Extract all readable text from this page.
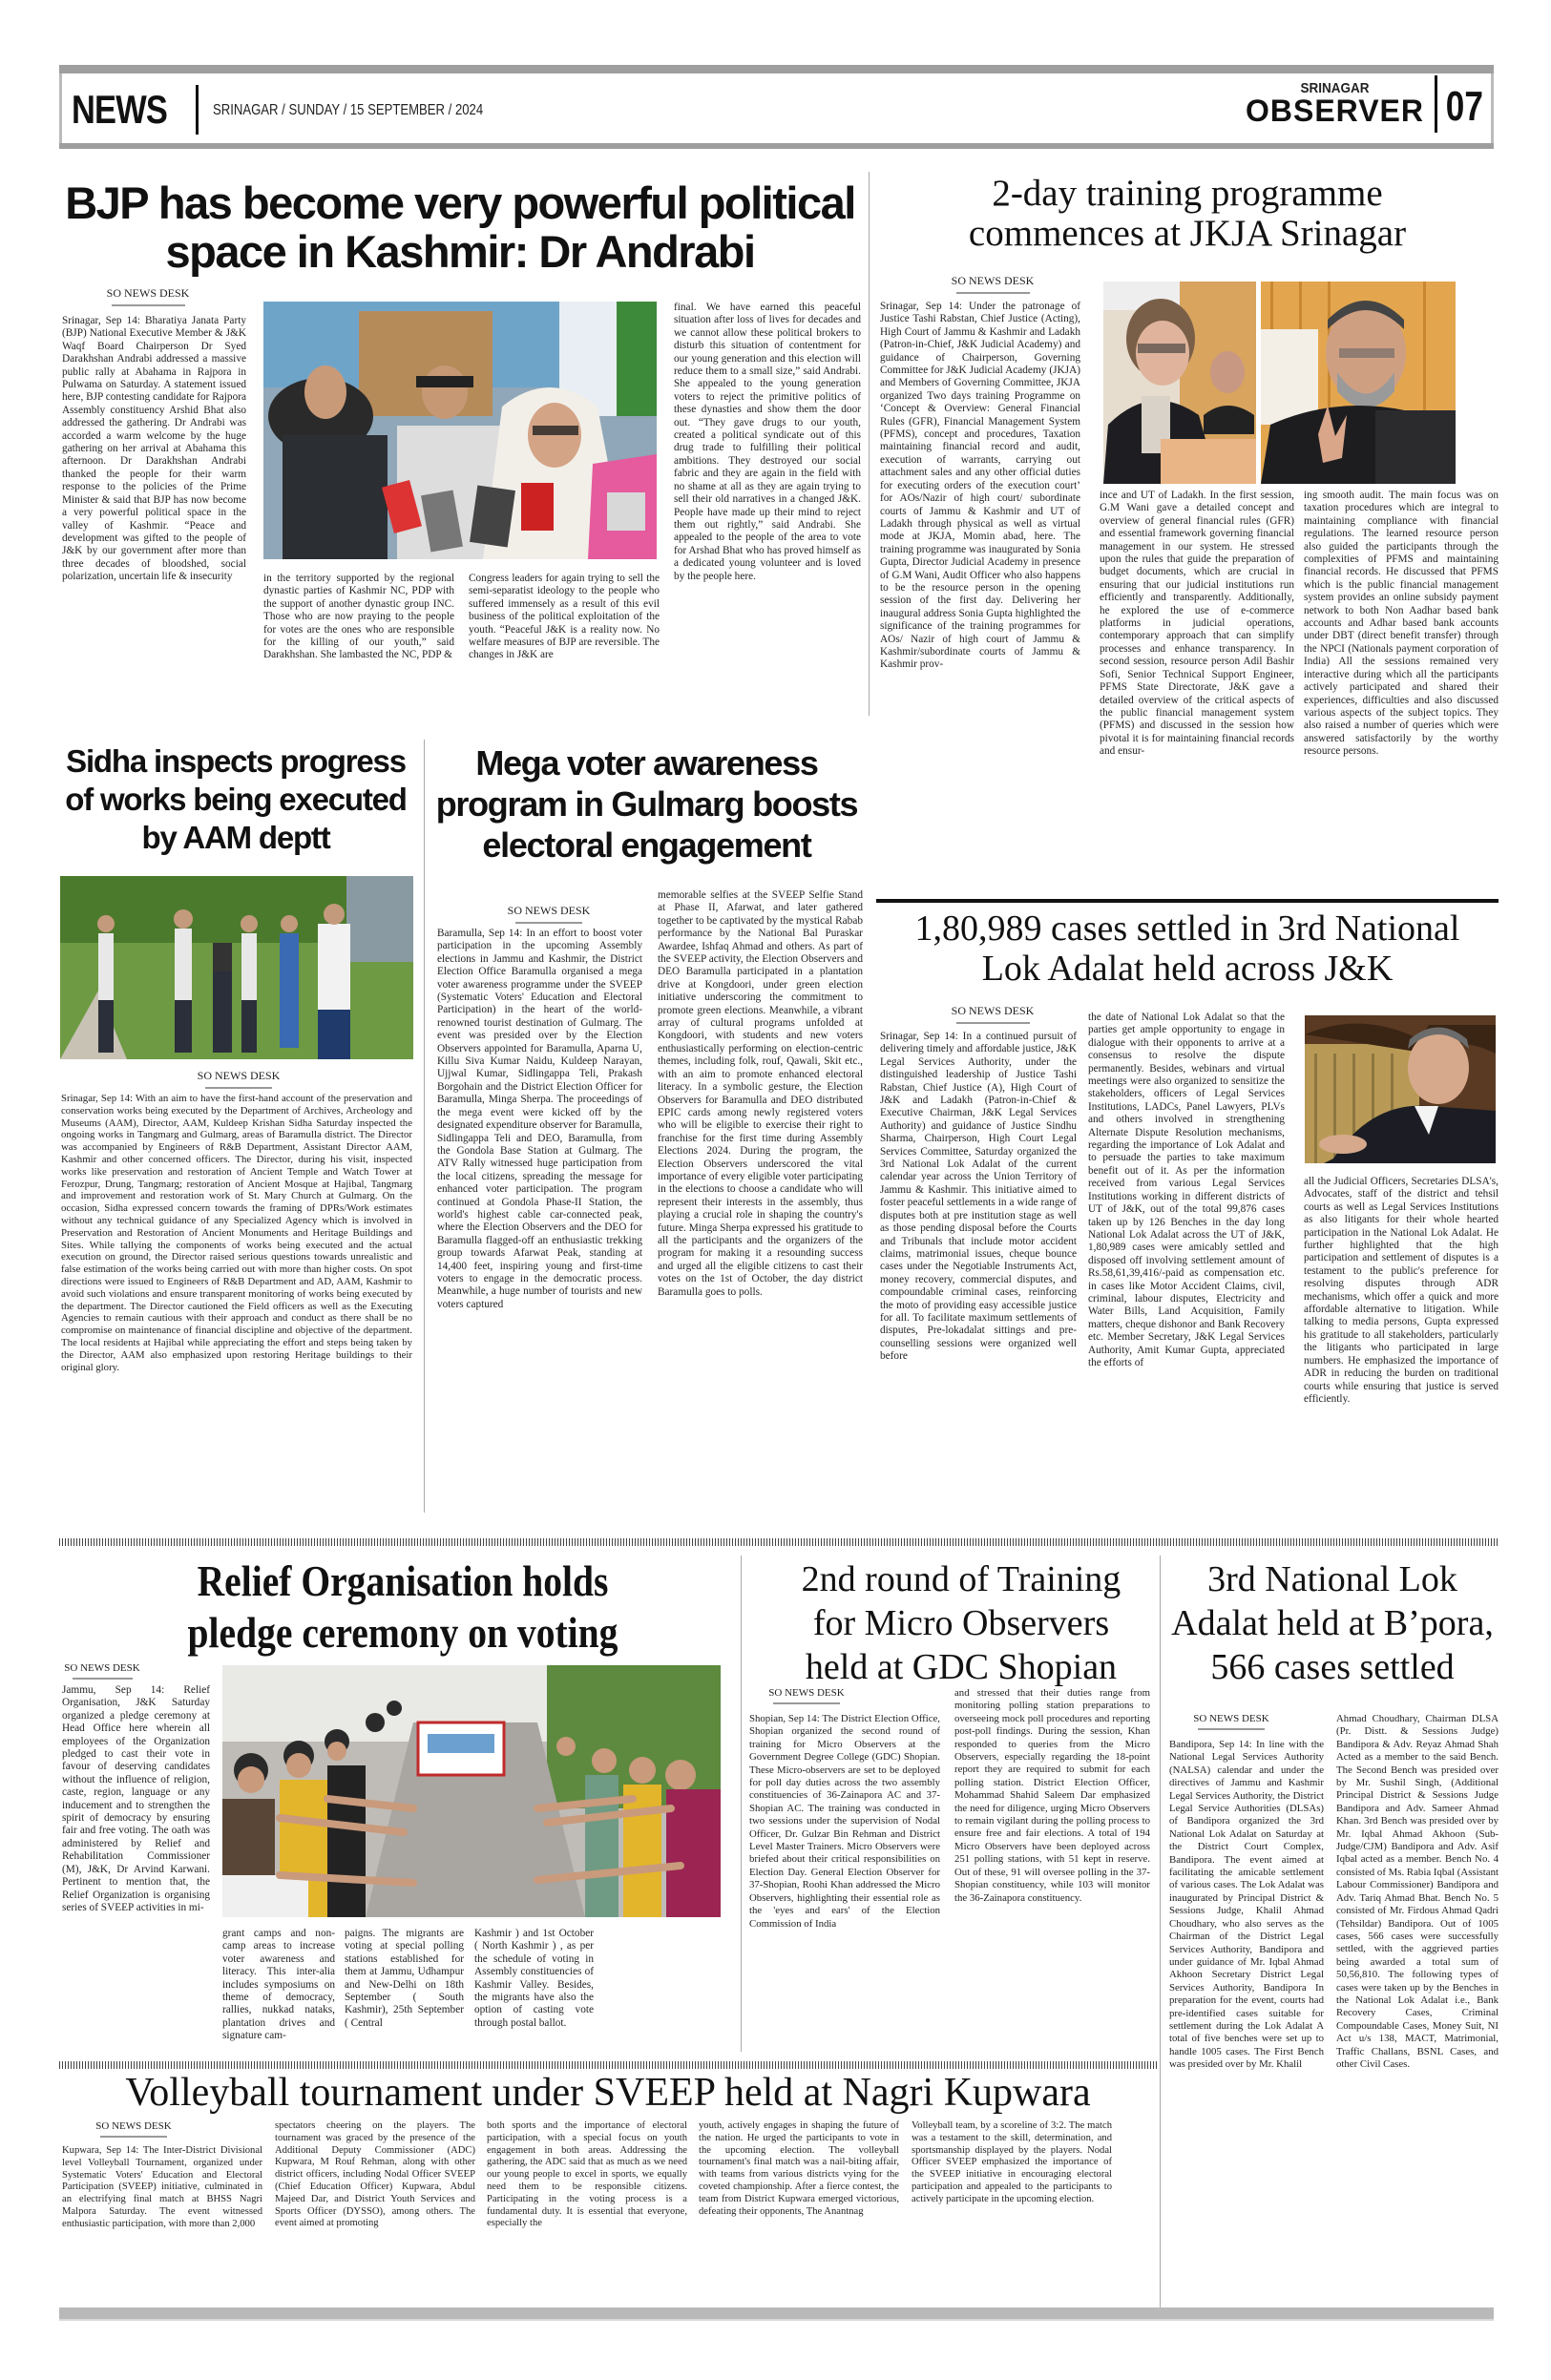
NEWS	SRINAGAR / SUNDAY / 15 SEPTEMBER / 2024
SRINAGAR
OBSERVER 07
BJP has become very powerful political
space in Kashmir: Dr Andrabi
SO NEWS DESK
Srinagar, Sep 14: Bharatiya Janata Party (BJP) National Executive Member & J&K Waqf Board Chairperson Dr Syed Darakhshan Andrabi addressed a massive public rally at Abahama in Rajpora in Pulwama on Saturday. A statement issued here, BJP contesting candidate for Rajpora Assembly constituency Arshid Bhat also addressed the gathering. Dr Andrabi was accorded a warm welcome by the huge gathering on her arrival at Abahama this afternoon. Dr Darakhshan Andrabi thanked the people for their warm response to the policies of the Prime Minister & said that BJP has now become a very powerful political space in the valley of Kashmir. “Peace and development was gifted to the people of J&K by our government after more than three decades of bloodshed, social polarization, uncertain life & insecurity	in the territory supported by the regional dynastic parties of Kashmir NC, PDP with the support of another dynastic group INC. Those who are now praying to the people for votes are the ones who are responsible for the killing of our youth,” said Darakhshan. She lambasted the NC, PDP &
Congress leaders for again trying to sell the semi-separatist ideology to the people who suffered immensely as a result of this evil business of the political exploitation of the youth. “Peaceful J&K is a reality now. No welfare measures of BJP are reversible. The changes in J&K are
final. We have earned this peaceful situation after loss of lives for decades and we cannot allow these political brokers to disturb this situation of contentment for our young generation and this election will reduce them to a small size,” said Andrabi. She appealed to the young generation voters to reject the primitive politics of these dynasties and show them the door out. “They gave drugs to our youth, created a political syndicate out of this drug trade to fulfilling their political ambitions. They destroyed our social fabric and they are again in the field with no shame at all as they are again trying to sell their old narratives in a changed J&K. People have made up their mind to reject them out rightly,” said Andrabi. She appealed to the people of the area to vote for Arshad Bhat who has proved himself as a dedicated young volunteer and is loved by the people here.
2-day training programme
commences at JKJA Srinagar
SO NEWS DESK
Srinagar, Sep 14: Under the patronage of Justice Tashi Rabstan, Chief Justice (Acting), High Court of Jammu & Kashmir and Ladakh (Patron-in-Chief, J&K Judicial Academy) and guidance of Chairperson, Governing Committee for J&K Judicial Academy (JKJA) and Members of Governing Committee, JKJA organized Two days training Programme on ‘Concept & Overview: General Financial Rules (GFR), Financial Management System (PFMS), concept and procedures, Taxation maintaining financial record and audit, execution of warrants, carrying out attachment sales and any other official duties for executing orders of the execution court’ for AOs/Nazir of high court/ subordinate courts of Jammu & Kashmir and UT of Ladakh through physical as well as virtual mode at JKJA, Momin abad, here. The training programme was inaugurated by Sonia Gupta, Director Judicial Academy in presence of G.M Wani, Audit Officer who also happens to be the resource person in the opening session of the first day. Delivering her inaugural address Sonia Gupta highlighted the significance of the training programmes for AOs/ Nazir of high court of Jammu & Kashmir/subordinate courts of Jammu & Kashmir prov-
ince and UT of Ladakh. In the first session, G.M Wani gave a detailed concept and overview of general financial rules (GFR) and essential framework governing financial management in our system. He stressed upon the rules that guide the preparation of budget documents, which are crucial in ensuring that our judicial institutions run efficiently and transparently. Additionally, he explored the use of e-commerce platforms in judicial operations, contemporary approach that can simplify processes and enhance transparency. In second session, resource person Adil Bashir Sofi, Senior Technical Support Engineer, PFMS State Directorate, J&K gave a detailed overview of the critical aspects of the public financial management system (PFMS) and discussed in the session how pivotal it is for maintaining financial records and ensur-
ing smooth audit. The main focus was on taxation procedures which are integral to maintaining compliance with financial regulations. The learned resource person also guided the participants through the complexities of PFMS and maintaining financial records. He discussed that PFMS which is the public financial management system provides an online subsidy payment network to both Non Aadhar based bank accounts and Adhar based bank accounts under DBT (direct benefit transfer) through the NPCI (Nationals payment corporation of India) All the sessions remained very interactive during which all the participants actively participated and shared their experiences, difficulties and also discussed various aspects of the subject topics. They also raised a number of queries which were answered satisfactorily by the worthy resource persons.
Sidha inspects progress
of works being executed
by AAM deptt
SO NEWS DESK
Srinagar, Sep 14: With an aim to have the first-hand account of the preservation and conservation works being executed by the Department of Archives, Archeology and Museums (AAM), Director, AAM, Kuldeep Krishan Sidha Saturday inspected the ongoing works in Tangmarg and Gulmarg, areas of Baramulla district. The Director was accompanied by Engineers of R&B Department, Assistant Director AAM, Kashmir and other concerned officers. The Director, during his visit, inspected works like preservation and restoration of Ancient Temple and Watch Tower at Ferozpur, Drung, Tangmarg; restoration of Ancient Mosque at Hajibal, Tangmarg and improvement and restoration work of St. Mary Church at Gulmarg. On the occasion, Sidha expressed concern towards the framing of DPRs/Work estimates without any technical guidance of any Specialized Agency which is involved in Preservation and Restoration of Ancient Monuments and Heritage Buildings and Sites. While tallying the components of works being executed and the actual execution on ground, the Director raised serious questions towards unrealistic and false estimation of the works being carried out with more than higher costs. On spot directions were issued to Engineers of R&B Department and AD, AAM, Kashmir to avoid such violations and ensure transparent monitoring of works being executed by the department. The Director cautioned the Field officers as well as the Executing Agencies to remain cautious with their approach and conduct as there shall be no compromise on maintenance of financial discipline and objective of the department. The local residents at Hajibal while appreciating the effort and steps being taken by the Director, AAM also emphasized upon restoring Heritage buildings to their original glory.
Mega voter awareness
program in Gulmarg boosts
electoral engagement
SO NEWS DESK
Baramulla, Sep 14: In an effort to boost voter participation in the upcoming Assembly elections in Jammu and Kashmir, the District Election Office Baramulla organised a mega voter awareness programme under the SVEEP (Systematic Voters' Education and Electoral Participation) in the heart of the world-renowned tourist destination of Gulmarg. The event was presided over by the Election Observers appointed for Baramulla, Aparna U, Killu Siva Kumar Naidu, Kuldeep Narayan, Ujjwal Kumar, Sidlingappa Teli, Prakash Borgohain and the District Election Officer for Baramulla, Minga Sherpa. The proceedings of the mega event were kicked off by the designated expenditure observer for Baramulla, Sidlingappa Teli and DEO, Baramulla, from the Gondola Base Station at Gulmarg. The ATV Rally witnessed huge participation from the local citizens, spreading the message for enhanced voter participation. The program continued at Gondola Phase-II Station, the world's highest cable car-connected peak, where the Election Observers and the DEO for Baramulla flagged-off an enthusiastic trekking group towards Afarwat Peak, standing at 14,400 feet, inspiring young and first-time voters to engage in the democratic process. Meanwhile, a huge number of tourists and new voters captured
memorable selfies at the SVEEP Selfie Stand at Phase II, Afarwat, and later gathered together to be captivated by the mystical Rabab performance by the National Bal Puraskar Awardee, Ishfaq Ahmad and others. As part of the SVEEP activity, the Election Observers and DEO Baramulla participated in a plantation drive at Kongdoori, under green election initiative underscoring the commitment to promote green elections. Meanwhile, a vibrant array of cultural programs unfolded at Kongdoori, with students and new voters enthusiastically performing on election-centric themes, including folk, rouf, Qawali, Skit etc., with an aim to promote enhanced electoral literacy. In a symbolic gesture, the Election Observers for Baramulla and DEO distributed EPIC cards among newly registered voters who will be eligible to exercise their right to franchise for the first time during Assembly Elections 2024. During the program, the Election Observers underscored the vital importance of every eligible voter participating in the elections to choose a candidate who will represent their interests in the assembly, thus playing a crucial role in shaping the country's future. Minga Sherpa expressed his gratitude to all the participants and the organizers of the program for making it a resounding success and urged all the eligible citizens to cast their votes on the 1st of October, the day district Baramulla goes to polls.
1,80,989 cases settled in 3rd National
Lok Adalat held across J&K
SO NEWS DESK
Srinagar, Sep 14: In a continued pursuit of delivering timely and affordable justice, J&K Legal Services Authority, under the distinguished leadership of Justice Tashi Rabstan, Chief Justice (A), High Court of J&K and Ladakh (Patron-in-Chief & Executive Chairman, J&K Legal Services Authority) and guidance of Justice Sindhu Sharma, Chairperson, High Court Legal Services Committee, Saturday organized the 3rd National Lok Adalat of the current calendar year across the Union Territory of Jammu & Kashmir. This initiative aimed to foster peaceful settlements in a wide range of disputes both at pre institution stage as well as those pending disposal before the Courts and Tribunals that include motor accident claims, matrimonial issues, cheque bounce cases under the Negotiable Instruments Act, money recovery, commercial disputes, and compoundable criminal cases, reinforcing the moto of providing easy accessible justice for all. To facilitate maximum settlements of disputes, Pre-lokadalat sittings and pre-counselling sessions were organized well before
the date of National Lok Adalat so that the parties get ample opportunity to engage in dialogue with their opponents to arrive at a consensus to resolve the dispute permanently. Besides, webinars and virtual meetings were also organized to sensitize the stakeholders, officers of Legal Services Institutions, LADCs, Panel Lawyers, PLVs and others involved in strengthening Alternate Dispute Resolution mechanisms, regarding the importance of Lok Adalat and to persuade the parties to take maximum benefit out of it. As per the information received from various Legal Services Institutions working in different districts of UT of J&K, out of the total 99,876 cases taken up by 126 Benches in the day long National Lok Adalat across the UT of J&K, 1,80,989 cases were amicably settled and disposed off involving settlement amount of Rs.58,61,39,416/-paid as compensation etc. in cases like Motor Accident Claims, civil, criminal, labour disputes, Electricity and Water Bills, Land Acquisition, Family matters, cheque dishonor and Bank Recovery etc. Member Secretary, J&K Legal Services Authority, Amit Kumar Gupta, appreciated the efforts of
all the Judicial Officers, Secretaries DLSA's, Advocates, staff of the district and tehsil courts as well as Legal Services Institutions as also litigants for their whole hearted participation in the National Lok Adalat. He further highlighted that the high participation and settlement of disputes is a testament to the public's preference for resolving disputes through ADR mechanisms, which offer a quick and more affordable alternative to litigation. While talking to media persons, Gupta expressed his gratitude to all stakeholders, particularly the litigants who participated in large numbers. He emphasized the importance of ADR in reducing the burden on traditional courts while ensuring that justice is served efficiently.
Relief Organisation holds
pledge ceremony on voting
SO NEWS DESK
Jammu, Sep 14: Relief Organisation, J&K Saturday organized a pledge ceremony at Head Office here wherein all employees of the Organization pledged to cast their vote in favour of deserving candidates without the influence of religion, caste, region, language or any inducement and to strengthen the spirit of democracy by ensuring fair and free voting. The oath was administered by Relief and Rehabilitation Commissioner (M), J&K, Dr Arvind Karwani. Pertinent to mention that, the Relief Organization is organising series of SVEEP activities in mi-
grant camps and non-camp areas to increase voter awareness and literacy. This inter-alia includes symposiums on theme of democracy, rallies, nukkad nataks, plantation drives and signature cam-
paigns. The migrants are voting at special polling stations established for them at Jammu, Udhampur and New-Delhi on 18th September ( South Kashmir), 25th September ( Central
Kashmir ) and 1st October ( North Kashmir ) , as per the schedule of voting in Assembly constituencies of Kashmir Valley. Besides, the migrants have also the option of casting vote through postal ballot.
2nd round of Training
for Micro Observers
held at GDC Shopian
SO NEWS DESK
Shopian, Sep 14: The District Election Office, Shopian organized the second round of training for Micro Observers at the Government Degree College (GDC) Shopian. These Micro-observers are set to be deployed for poll day duties across the two assembly constituencies of 36-Zainapora AC and 37-Shopian AC. The training was conducted in two sessions under the supervision of Nodal Officer, Dr. Gulzar Bin Rehman and District Level Master Trainers. Micro Observers were briefed about their critical responsibilities on Election Day. General Election Observer for 37-Shopian, Roohi Khan addressed the Micro Observers, highlighting their essential role as the 'eyes and ears' of the Election Commission of India
and stressed that their duties range from monitoring polling station preparations to overseeing mock poll procedures and reporting post-poll findings. During the session, Khan responded to queries from the Micro Observers, especially regarding the 18-point report they are required to submit for each polling station. District Election Officer, Mohammad Shahid Saleem Dar emphasized the need for diligence, urging Micro Observers to remain vigilant during the polling process to ensure free and fair elections. A total of 194 Micro Observers have been deployed across 251 polling stations, with 51 kept in reserve. Out of these, 91 will oversee polling in the 37-Shopian constituency, while 103 will monitor the 36-Zainapora constituency.
3rd National Lok
Adalat held at B’pora,
566 cases settled
SO NEWS DESK
Bandipora, Sep 14: In line with the National Legal Services Authority (NALSA) calendar and under the directives of Jammu and Kashmir Legal Services Authority, the District Legal Service Authorities (DLSAs) of Bandipora organized the 3rd National Lok Adalat on Saturday at the District Court Complex, Bandipora. The event aimed at facilitating the amicable settlement of various cases. The Lok Adalat was inaugurated by Principal District & Sessions Judge, Khalil Ahmad Choudhary, who also serves as the Chairman of the District Legal Services Authority, Bandipora and under guidance of Mr. Iqbal Ahmad Akhoon Secretary District Legal Services Authority, Bandipora In preparation for the event, courts had pre-identified cases suitable for settlement during the Lok Adalat A total of five benches were set up to handle 1005 cases. The First Bench was presided over by Mr. Khalil
Ahmad Choudhary, Chairman DLSA (Pr. Distt. & Sessions Judge) Bandipora & Adv. Reyaz Ahmad Shah Acted as a member to the said Bench. The Second Bench was presided over by Mr. Sushil Singh, (Additional Principal District & Sessions Judge Bandipora and Adv. Sameer Ahmad Khan. 3rd Bench was presided over by Mr. Iqbal Ahmad Akhoon (Sub-Judge/CJM) Bandipora and Adv. Asif Iqbal acted as a member. Bench No. 4 consisted of Ms. Rabia Iqbal (Assistant Labour Commissioner) Bandipora and Adv. Tariq Ahmad Bhat. Bench No. 5 consisted of Mr. Firdous Ahmad Qadri (Tehsildar) Bandipora. Out of 1005 cases, 566 cases were successfully settled, with the aggrieved parties being awarded a total sum of 50,56,810. The following types of cases were taken up by the Benches in the National Lok Adalat i.e., Bank Recovery Cases, Criminal Compoundable Cases, Money Suit, NI Act u/s 138, MACT, Matrimonial, Traffic Challans, BSNL Cases, and other Civil Cases.
Volleyball tournament under SVEEP held at Nagri Kupwara
SO NEWS DESK
Kupwara, Sep 14: The Inter-District Divisional level Volleyball Tournament, organized under Systematic Voters' Education and Electoral Participation (SVEEP) initiative, culminated in an electrifying final match at BHSS Nagri Malpora Saturday. The event witnessed enthusiastic participation, with more than 2,000
spectators cheering on the players. The tournament was graced by the presence of the Additional Deputy Commissioner (ADC) Kupwara, M Rouf Rehman, along with other district officers, including Nodal Officer SVEEP (Chief Education Officer) Kupwara, Abdul Majeed Dar, and District Youth Services and Sports Officer (DYSSO), among others. The event aimed at promoting
both sports and the importance of electoral participation, with a special focus on youth engagement in both areas. Addressing the gathering, the ADC said that as much as we need our young people to excel in sports, we equally need them to be responsible citizens. Participating in the voting process is a fundamental duty. It is essential that everyone, especially the
youth, actively engages in shaping the future of the nation. He urged the participants to vote in the upcoming election. The volleyball tournament's final match was a nail-biting affair, with teams from various districts vying for the coveted championship. After a fierce contest, the team from District Kupwara emerged victorious, defeating their opponents, The Anantnag
Volleyball team, by a scoreline of 3:2. The match was a testament to the skill, determination, and sportsmanship displayed by the players. Nodal Officer SVEEP emphasized the importance of the SVEEP initiative in encouraging electoral participation and appealed to the participants to actively participate in the upcoming election.
